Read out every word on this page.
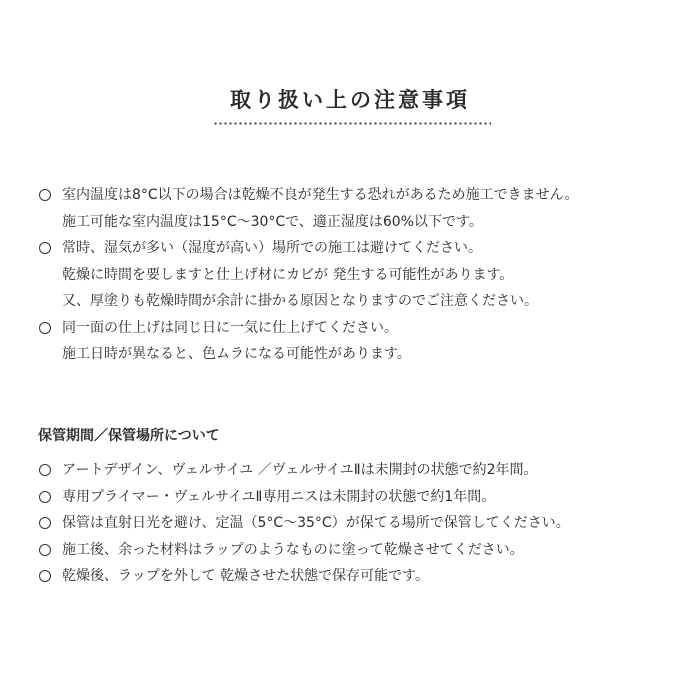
取り扱い上の注意事項
室内温度は8°C以下の場合は乾燥不良が発生する恐れがあるため施工できません。
施工可能な室内温度は15°C〜30°Cで、適正湿度は60%以下です。
常時、湿気が多い（湿度が高い）場所での施工は避けてください。
乾燥に時間を要しますと仕上げ材にカビが 発生する可能性があります。
又、厚塗りも乾燥時間が余計に掛かる原因となりますのでご注意ください。
同一面の仕上げは同じ日に一気に仕上げてください。
施工日時が異なると、色ムラになる可能性があります。
保管期間／保管場所について
アートデザイン、ヴェルサイユ ／ヴェルサイユⅡは未開封の状態で約2年間。
専用プライマー・ヴェルサイユⅡ専用ニスは未開封の状態で約1年間。
保管は直射日光を避け、定温（5°C〜35°C）が保てる場所で保管してください。
施工後、余った材料はラップのようなものに塗って乾燥させてください。
乾燥後、ラップを外して 乾燥させた状態で保存可能です。
